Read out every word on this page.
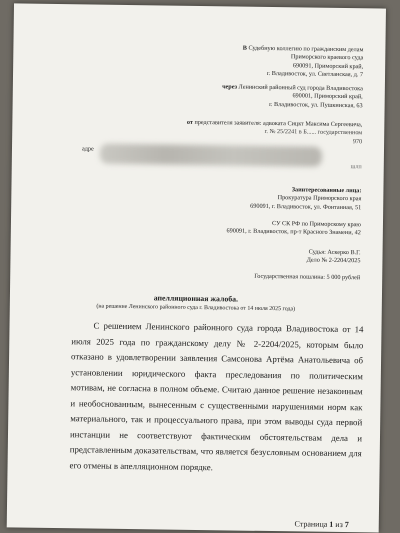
В Судебную коллегию по гражданским делам
Приморского краевого суда
690091, Приморский край,
г. Владивосток, ул. Светланская, д. 7
через Ленинский районный суд города Владивостока
690001, Приморский край,
г. Владивосток, ул. Пушкинская, 63
от представителя заявителя: адвоката Сицкт Максима Сергеевича,
г. № 25/2241 в Б...... государственном
970
адре
шлп
Заинтересованные лица:
Прокуратура Приморского края
690091, г. Владивосток, ул. Фонтанная, 51
СУ СК РФ по Приморскому краю
690091, г. Владивосток, пр-т Красного Знамени, 42
Судья: Аскерко В.Г.
Дело № 2-2204/2025
Государственная пошлина: 5 000 рублей
апелляционная жалоба.
(на решение Ленинского районного суда г. Владивостока от 14 июля 2025 года)

С решением Ленинского районного суда города Владивостока от 14 июля 2025 года по гражданскому делу № 2-2204/2025, которым было отказано в удовлетворении заявления Самсонова Артёма Анатольевича об установлении юридического факта преследования по политическим мотивам, не согласна в полном объеме. Считаю данное решение незаконным и необоснованным, вынесенным с существенными нарушениями норм как материального, так и процессуального права, при этом выводы суда первой инстанции не соответствуют фактическим обстоятельствам дела и представленным доказательствам, что является безусловным основанием для его отмены в апелляционном порядке.

Страница 1 из 7
